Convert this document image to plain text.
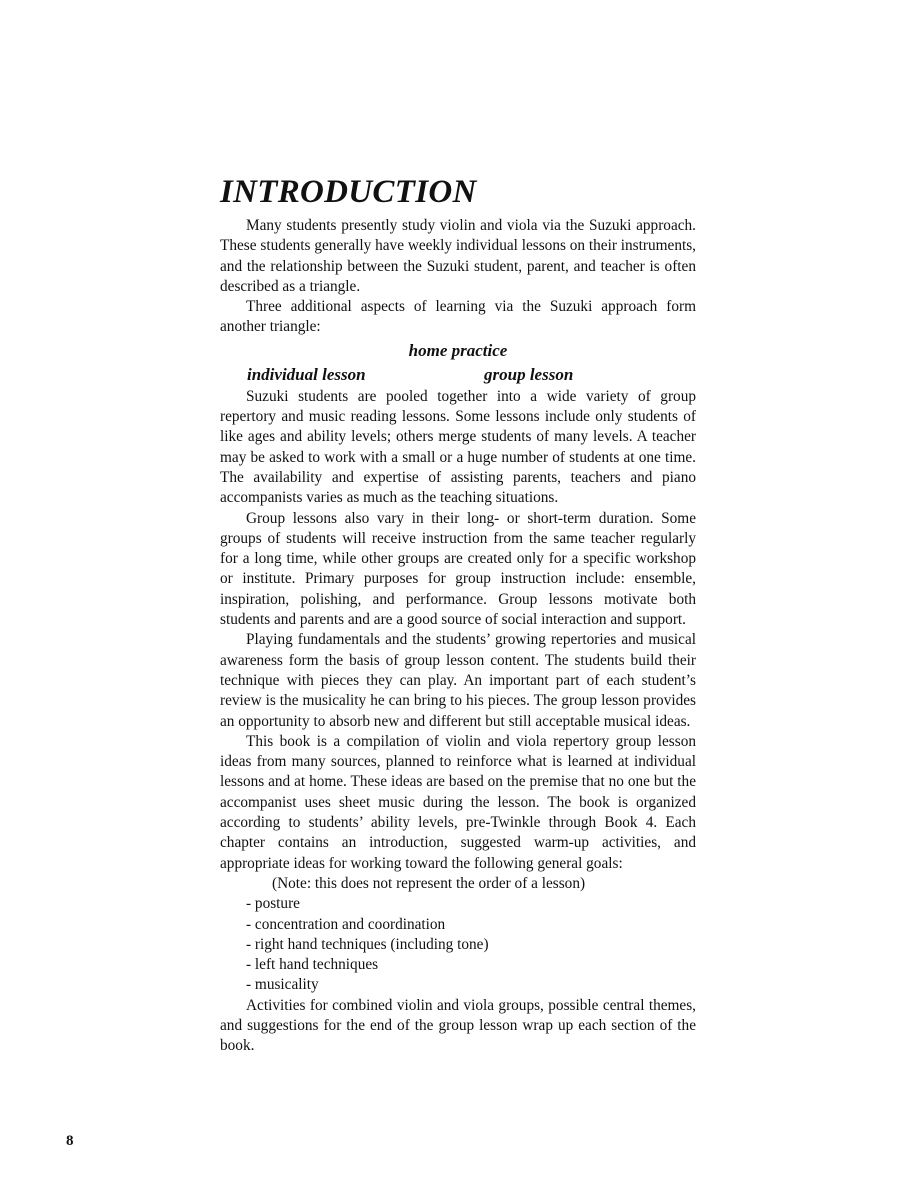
INTRODUCTION

Many students presently study violin and viola via the Suzuki approach. These students generally have weekly individual lessons on their instruments, and the relationship between the Suzuki student, parent, and teacher is often described as a triangle.

Three additional aspects of learning via the Suzuki approach form another triangle:

home practice
individual lesson	group lesson

Suzuki students are pooled together into a wide variety of group repertory and music reading lessons. Some lessons include only students of like ages and ability levels; others merge students of many levels. A teacher may be asked to work with a small or a huge number of students at one time. The availability and expertise of assisting parents, teachers and piano accompanists varies as much as the teaching situations.

Group lessons also vary in their long- or short-term duration. Some groups of students will receive instruction from the same teacher regularly for a long time, while other groups are created only for a specific workshop or institute. Primary purposes for group instruction include: ensemble, inspiration, polishing, and performance. Group lessons motivate both students and parents and are a good source of social interaction and support.

Playing fundamentals and the students’ growing repertories and musical awareness form the basis of group lesson content. The students build their technique with pieces they can play. An important part of each student’s review is the musicality he can bring to his pieces. The group lesson provides an opportunity to absorb new and different but still acceptable musical ideas.

This book is a compilation of violin and viola repertory group lesson ideas from many sources, planned to reinforce what is learned at individual lessons and at home. These ideas are based on the premise that no one but the accompanist uses sheet music during the lesson. The book is organized according to students’ ability levels, pre-Twinkle through Book 4. Each chapter contains an introduction, suggested warm-up activities, and appropriate ideas for working toward the following general goals:

(Note: this does not represent the order of a lesson)

- posture
- concentration and coordination
- right hand techniques (including tone)
- left hand techniques
- musicality

Activities for combined violin and viola groups, possible central themes, and suggestions for the end of the group lesson wrap up each section of the book.

8
